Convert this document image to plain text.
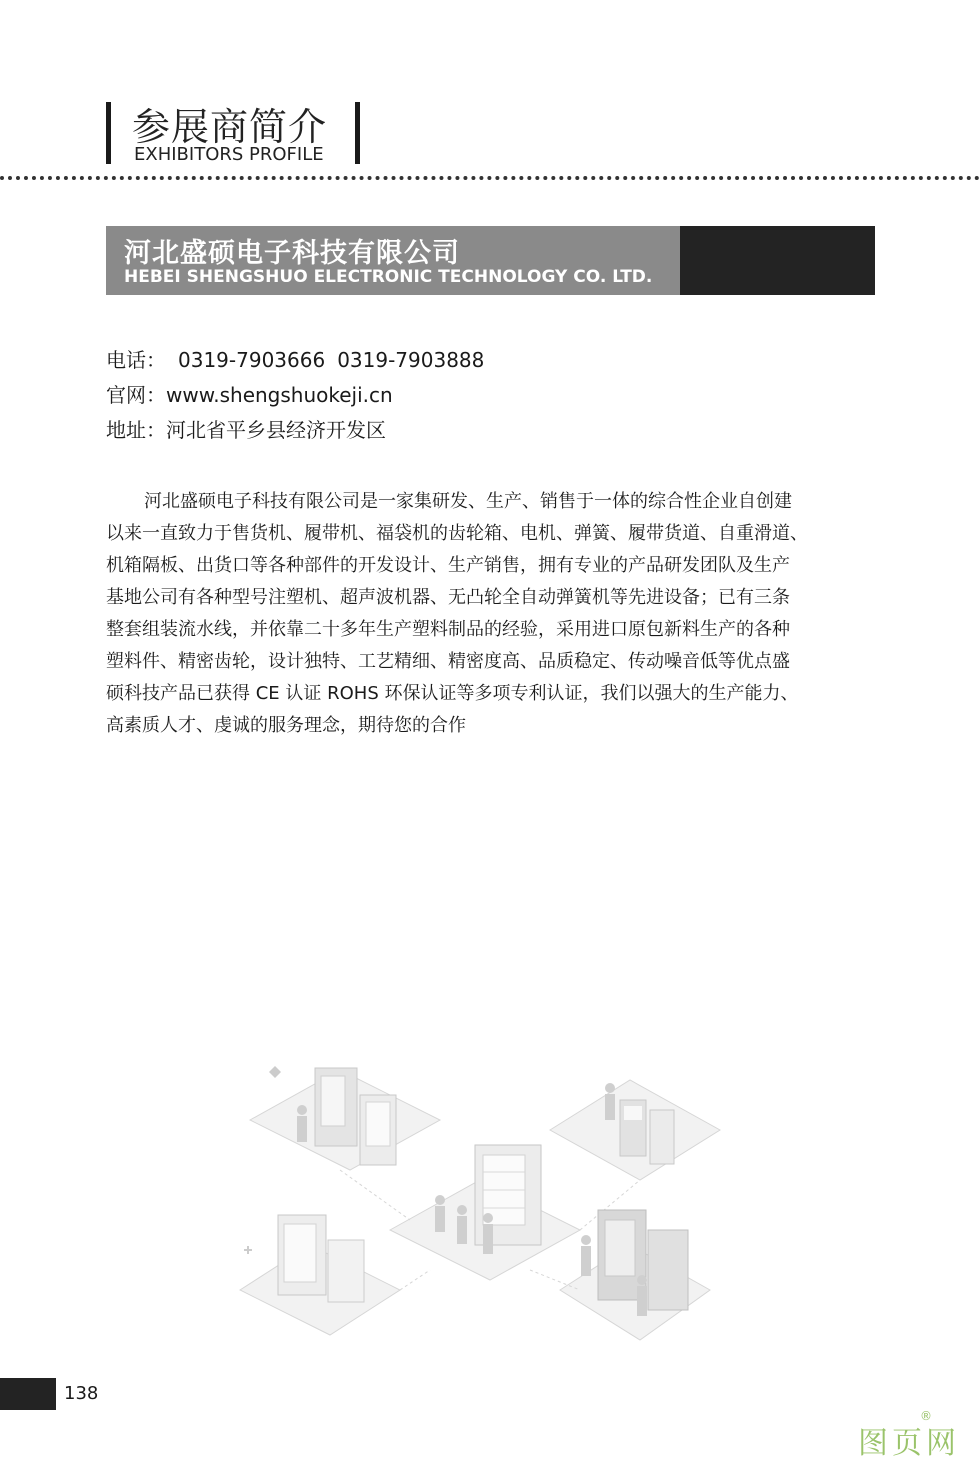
参展商简介
EXHIBITORS PROFILE
河北盛硕电子科技有限公司
HEBEI SHENGSHUO ELECTRONIC TECHNOLOGY CO. LTD.
电话： 0319-7903666 0319-7903888
官网：www.shengshuokeji.cn
地址：河北省平乡县经济开发区

河北盛硕电子科技有限公司是一家集研发、生产、销售于一体的综合性企业自创建

以来一直致力于售货机、履带机、福袋机的齿轮箱、电机、弹簧、履带货道、自重滑道、

机箱隔板、出货口等各种部件的开发设计、生产销售，拥有专业的产品研发团队及生产

基地公司有各种型号注塑机、超声波机器、无凸轮全自动弹簧机等先进设备；已有三条

整套组装流水线，并依靠二十多年生产塑料制品的经验，采用进口原包新料生产的各种

塑料件、精密齿轮，设计独特、工艺精细、精密度高、品质稳定、传动噪音低等优点盛

硕科技产品已获得 CE 认证 ROHS 环保认证等多项专利认证，我们以强大的生产能力、

高素质人才、虔诚的服务理念，期待您的合作

138
图页网
®
